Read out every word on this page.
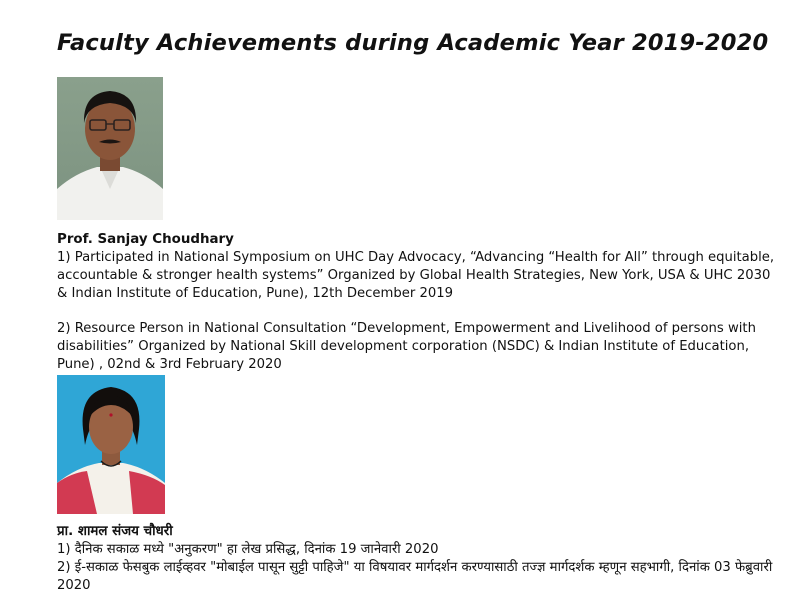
Faculty Achievements during Academic Year 2019-2020
Prof. Sanjay Choudhary
1) Participated in National Symposium on UHC Day Advocacy, “Advancing “Health for All” through equitable, accountable & stronger health systems” Organized by Global Health Strategies, New York, USA & UHC 2030 & Indian Institute of Education, Pune), 12th December 2019
2) Resource Person in National Consultation “Development, Empowerment and Livelihood of persons with disabilities” Organized by National Skill development corporation (NSDC) & Indian Institute of Education, Pune) , 02nd & 3rd February 2020
प्रा. शामल संजय चौधरी
1) दैनिक सकाळ मध्ये "अनुकरण" हा लेख प्रसिद्ध, दिनांक 19 जानेवारी 2020
2) ई-सकाळ फेसबुक लाईव्हवर "मोबाईल पासून सुट्टी पाहिजे" या विषयावर मार्गदर्शन करण्यासाठी तज्ज्ञ मार्गदर्शक म्हणून सहभागी, दिनांक 03 फेब्रुवारी 2020
